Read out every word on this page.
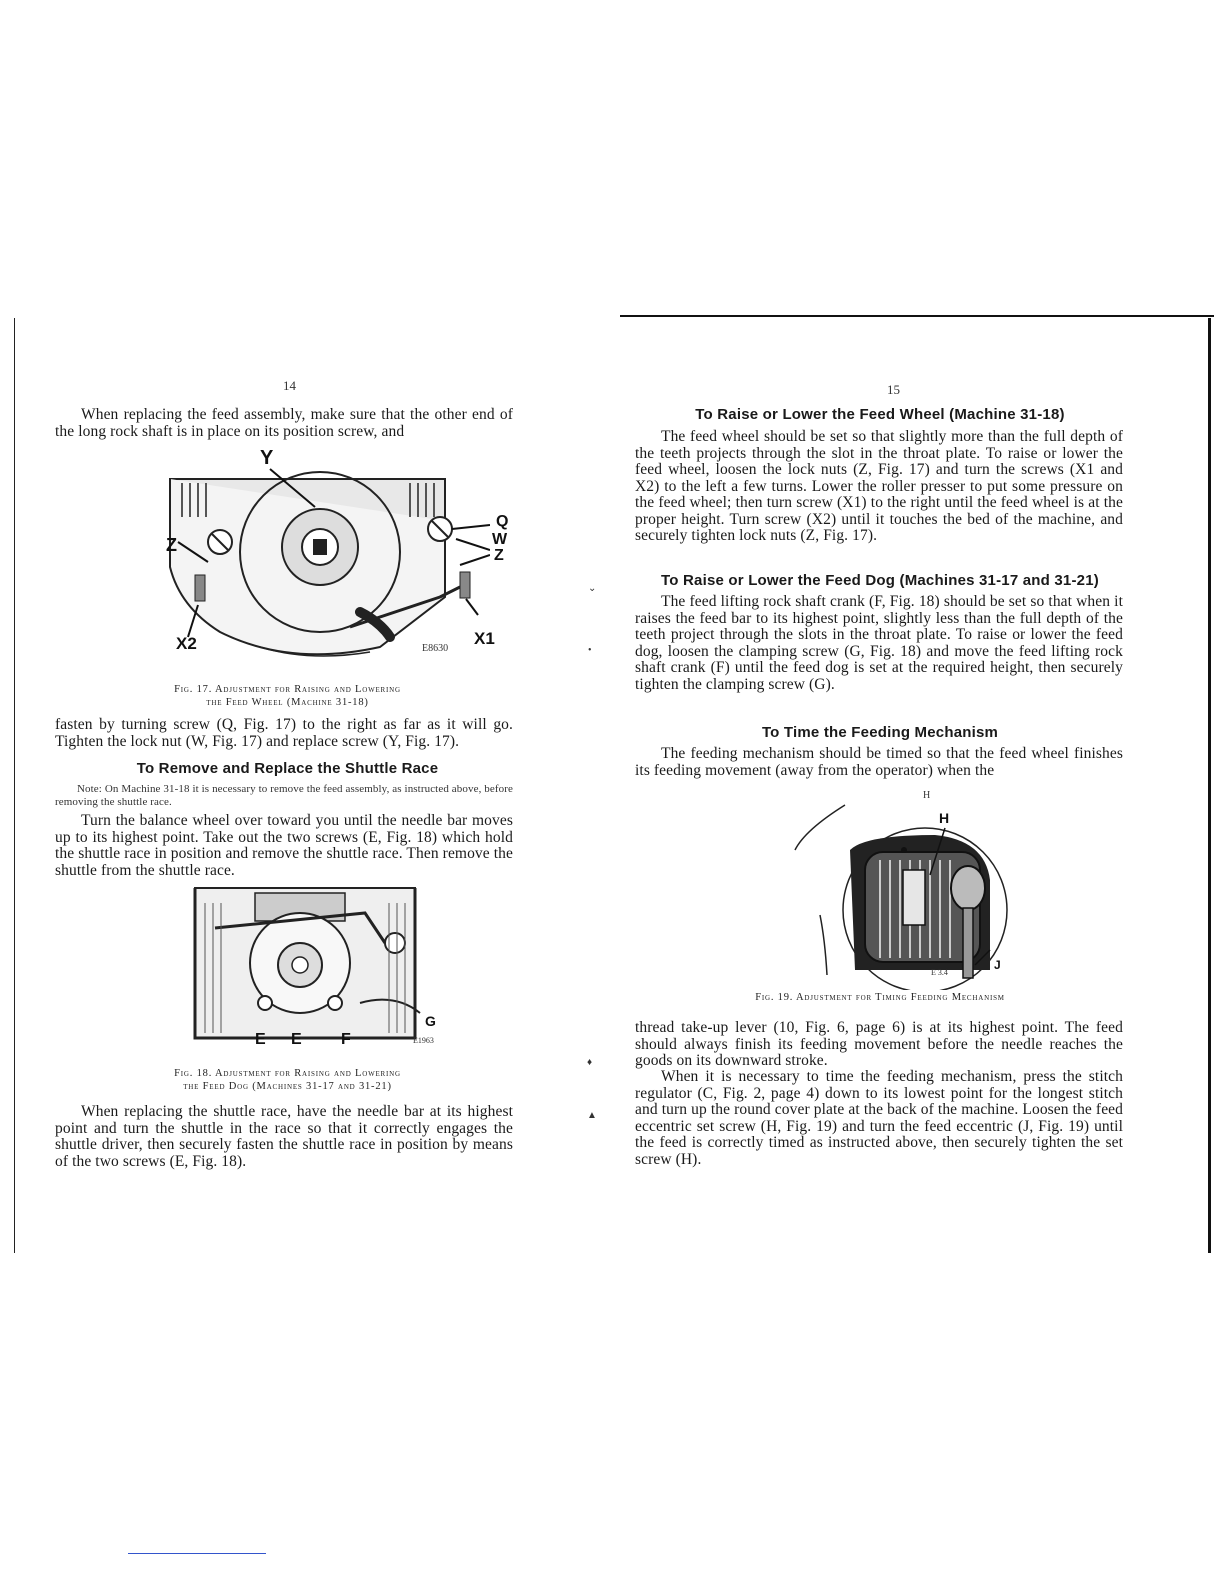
14

When replacing the feed assembly, make sure that the other end of the long rock shaft is in place on its position screw, and

Y
Z
Q
W
Z
X2	X1
E8630

Fig. 17. Adjustment for Raising and Lowering

the Feed Wheel (Machine 31-18)

fasten by turning screw (Q, Fig. 17) to the right as far as it will go. Tighten the lock nut (W, Fig. 17) and replace screw (Y, Fig. 17).

To Remove and Replace the Shuttle Race

Note: On Machine 31-18 it is necessary to remove the feed assembly, as instructed above, before removing the shuttle race.

Turn the balance wheel over toward you until the needle bar moves up to its highest point. Take out the two screws (E, Fig. 18) which hold the shuttle race in position and remove the shuttle race. Then remove the shuttle from the shuttle race.

E E F
G
E1963

Fig. 18. Adjustment for Raising and Lowering

the Feed Dog (Machines 31-17 and 31-21)

When replacing the shuttle race, have the needle bar at its highest point and turn the shuttle in the race so that it correctly engages the shuttle driver, then securely fasten the shuttle race in position by means of the two screws (E, Fig. 18).

⌄
•
♦
▲
15
To Raise or Lower the Feed Wheel (Machine 31-18)

The feed wheel should be set so that slightly more than the full depth of the teeth projects through the slot in the throat plate. To raise or lower the feed wheel, loosen the lock nuts (Z, Fig. 17) and turn the screws (X1 and X2) to the left a few turns. Lower the roller presser to put some pressure on the feed wheel; then turn screw (X1) to the right until the feed wheel is at the proper height. Turn screw (X2) until it touches the bed of the machine, and securely tighten lock nuts (Z, Fig. 17).

To Raise or Lower the Feed Dog (Machines 31-17 and 31-21)

The feed lifting rock shaft crank (F, Fig. 18) should be set so that when it raises the feed bar to its highest point, slightly less than the full depth of the teeth project through the slots in the throat plate. To raise or lower the feed dog, loosen the clamping screw (G, Fig. 18) and move the feed lifting rock shaft crank (F) until the feed dog is set at the required height, then securely tighten the clamping screw (G).

To Time the Feeding Mechanism

The feeding mechanism should be timed so that the feed wheel finishes its feeding movement (away from the operator) when the

H
J
H
E 3.4

Fig. 19. Adjustment for Timing Feeding Mechanism

thread take-up lever (10, Fig. 6, page 6) is at its highest point. The feed should always finish its feeding movement before the needle reaches the goods on its downward stroke.

When it is necessary to time the feeding mechanism, press the stitch regulator (C, Fig. 2, page 4) down to its lowest point for the longest stitch and turn up the round cover plate at the back of the machine. Loosen the feed eccentric set screw (H, Fig. 19) and turn the feed eccentric (J, Fig. 19) until the feed is correctly timed as instructed above, then securely tighten the set screw (H).
